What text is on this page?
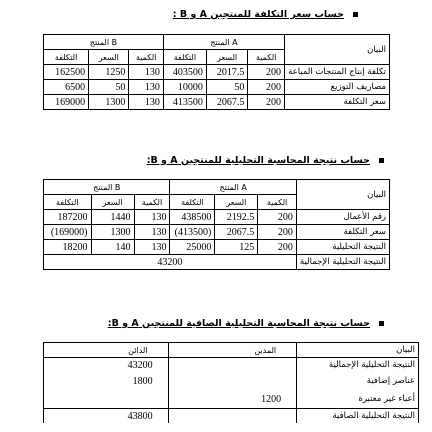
حساب سعر التكلفة للمنتجين A و B :
المنتج B			المنتج A			البيان
التكلفة	السعر	الكمية	التكلفة	السعر	الكمية	
162500	1250	130	403500	2017.5	200	تكلفة إنتاج المنتجات المباعة
6500	50	130	10000	50	200	مصاريف التوزيع
169000	1300	130	413500	2067.5	200	سعر التكلفة
حساب نتيجة المحاسبة التحليلية للمنتجين A و B:
المنتج B			المنتج A			البيان
التكلفة	السعر	الكمية	التكلفة	السعر	الكمية	
187200	1440	130	438500	2192.5	200	رقم الأعمال
(169000)	1300	130	(413500)	2067.5	200	سعر التكلفة
18200	140	130	25000	125	200	النتيجة التحليلية
43200						النتيجة التحليلية الإجمالية
حساب نتيجة المحاسبة التحليلية الصافية للمنتجين A و B:
الدائن	المدين	البيان
43200		النتيجة التحليلية الإجمالية
1800		عناصر إضافية
	1200	أعباء غير معتبرة
43800		النتيجة التحليلية الصافية
